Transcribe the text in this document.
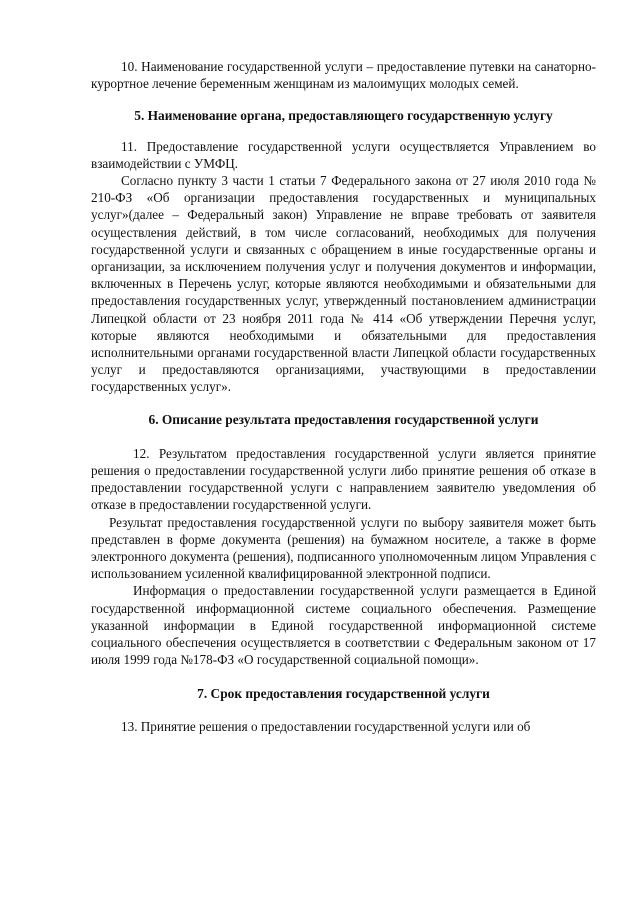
10. Наименование государственной услуги – предоставление путевки на санаторно-курортное лечение беременным женщинам из малоимущих молодых семей.

5. Наименование органа, предоставляющего государственную услугу

11. Предоставление государственной услуги осуществляется Управлением во взаимодействии с УМФЦ.

Согласно пункту 3 части 1 статьи 7 Федерального закона от 27 июля 2010 года № 210-ФЗ «Об организации предоставления государственных и муниципальных услуг»(далее – Федеральный закон) Управление не вправе требовать от заявителя осуществления действий, в том числе согласований, необходимых для получения государственной услуги и связанных с обращением в иные государственные органы и организации, за исключением получения услуг и получения документов и информации, включенных в Перечень услуг, которые являются необходимыми и обязательными для предоставления государственных услуг, утвержденный постановлением администрации Липецкой области от 23 ноября 2011 года № 414 «Об утверждении Перечня услуг, которые являются необходимыми и обязательными для предоставления исполнительными органами государственной власти Липецкой области государственных услуг и предоставляются организациями, участвующими в предоставлении государственных услуг».

6. Описание результата предоставления государственной услуги

12. Результатом предоставления государственной услуги является принятие решения о предоставлении государственной услуги либо принятие решения об отказе в предоставлении государственной услуги с направлением заявителю уведомления об отказе в предоставлении государственной услуги.

Результат предоставления государственной услуги по выбору заявителя может быть представлен в форме документа (решения) на бумажном носителе, а также в форме электронного документа (решения), подписанного уполномоченным лицом Управления с использованием усиленной квалифицированной электронной подписи.

Информация о предоставлении государственной услуги размещается в Единой государственной информационной системе социального обеспечения. Размещение указанной информации в Единой государственной информационной системе социального обеспечения осуществляется в соответствии с Федеральным законом от 17 июля 1999 года №178-ФЗ «О государственной социальной помощи».

7. Срок предоставления государственной услуги

13. Принятие решения о предоставлении государственной услуги или об
